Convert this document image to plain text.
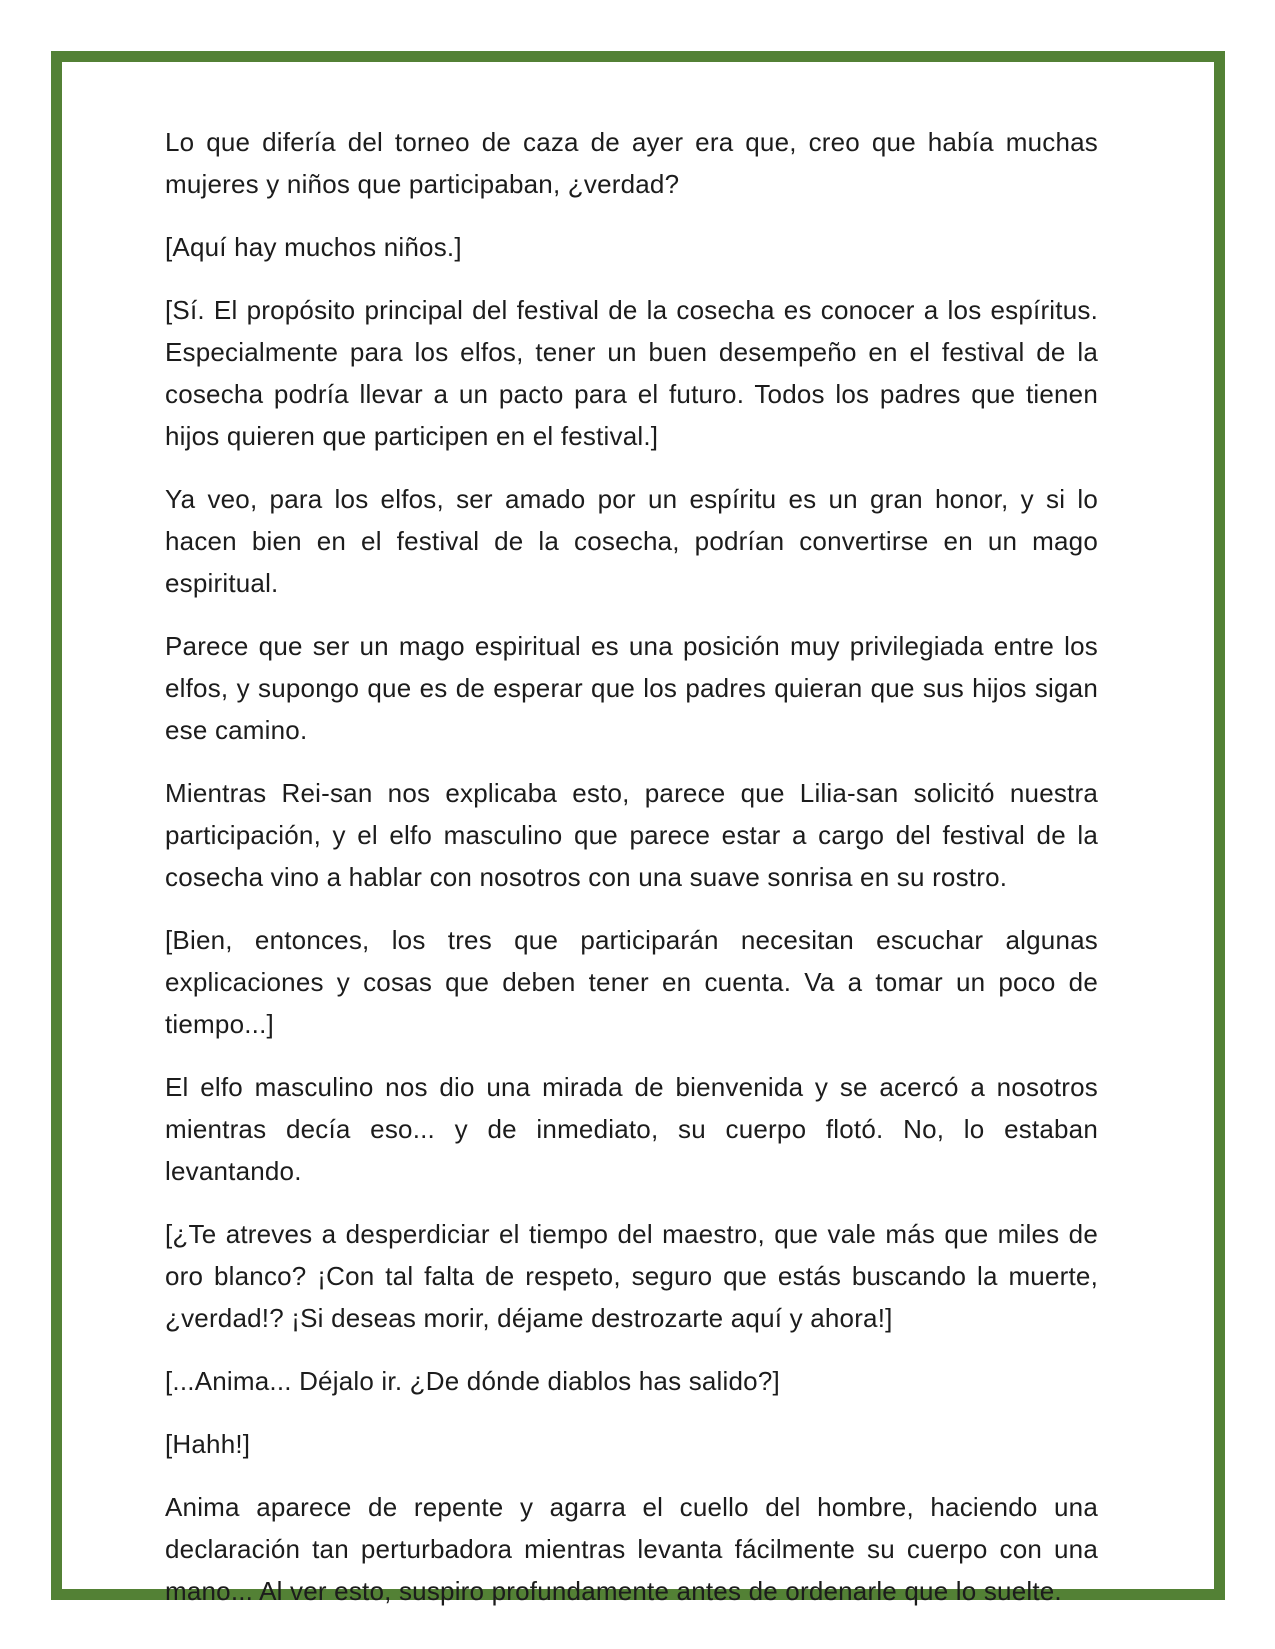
Lo que difería del torneo de caza de ayer era que, creo que había muchas mujeres y niños que participaban, ¿verdad?

[Aquí hay muchos niños.]

[Sí. El propósito principal del festival de la cosecha es conocer a los espíritus. Especialmente para los elfos, tener un buen desempeño en el festival de la cosecha podría llevar a un pacto para el futuro. Todos los padres que tienen hijos quieren que participen en el festival.]

Ya veo, para los elfos, ser amado por un espíritu es un gran honor, y si lo hacen bien en el festival de la cosecha, podrían convertirse en un mago espiritual.

Parece que ser un mago espiritual es una posición muy privilegiada entre los elfos, y supongo que es de esperar que los padres quieran que sus hijos sigan ese camino.

Mientras Rei-san nos explicaba esto, parece que Lilia-san solicitó nuestra participación, y el elfo masculino que parece estar a cargo del festival de la cosecha vino a hablar con nosotros con una suave sonrisa en su rostro.

[Bien, entonces, los tres que participarán necesitan escuchar algunas explicaciones y cosas que deben tener en cuenta. Va a tomar un poco de tiempo...]

El elfo masculino nos dio una mirada de bienvenida y se acercó a nosotros mientras decía eso... y de inmediato, su cuerpo flotó. No, lo estaban levantando.

[¿Te atreves a desperdiciar el tiempo del maestro, que vale más que miles de oro blanco? ¡Con tal falta de respeto, seguro que estás buscando la muerte, ¿verdad!? ¡Si deseas morir, déjame destrozarte aquí y ahora!]

[...Anima... Déjalo ir. ¿De dónde diablos has salido?]

[Hahh!]

Anima aparece de repente y agarra el cuello del hombre, haciendo una declaración tan perturbadora mientras levanta fácilmente su cuerpo con una mano... Al ver esto, suspiro profundamente antes de ordenarle que lo suelte.
